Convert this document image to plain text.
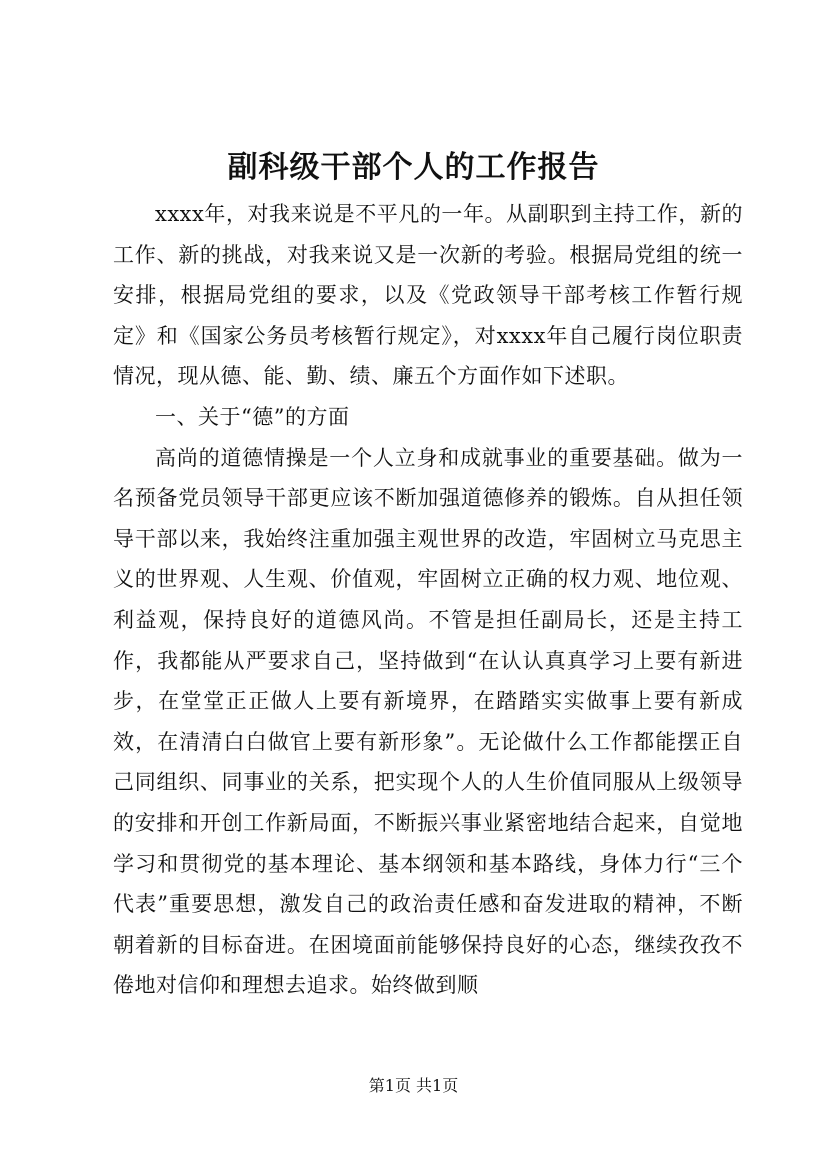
副科级干部个人的工作报告

xxxx年，对我来说是不平凡的一年。从副职到主持工作，新的工作、新的挑战，对我来说又是一次新的考验。根据局党组的统一安排，根据局党组的要求，以及《党政领导干部考核工作暂行规定》和《国家公务员考核暂行规定》，对xxxx年自己履行岗位职责情况，现从德、能、勤、绩、廉五个方面作如下述职。

一、关于“德”的方面

高尚的道德情操是一个人立身和成就事业的重要基础。做为一名预备党员领导干部更应该不断加强道德修养的锻炼。自从担任领导干部以来，我始终注重加强主观世界的改造，牢固树立马克思主义的世界观、人生观、价值观，牢固树立正确的权力观、地位观、利益观，保持良好的道德风尚。不管是担任副局长，还是主持工作，我都能从严要求自己，坚持做到“在认认真真学习上要有新进步，在堂堂正正做人上要有新境界，在踏踏实实做事上要有新成效，在清清白白做官上要有新形象”。无论做什么工作都能摆正自己同组织、同事业的关系，把实现个人的人生价值同服从上级领导的安排和开创工作新局面，不断振兴事业紧密地结合起来，自觉地学习和贯彻党的基本理论、基本纲领和基本路线，身体力行“三个代表”重要思想，激发自己的政治责任感和奋发进取的精神，不断朝着新的目标奋进。在困境面前能够保持良好的心态，继续孜孜不倦地对信仰和理想去追求。始终做到顺

第1页 共1页
